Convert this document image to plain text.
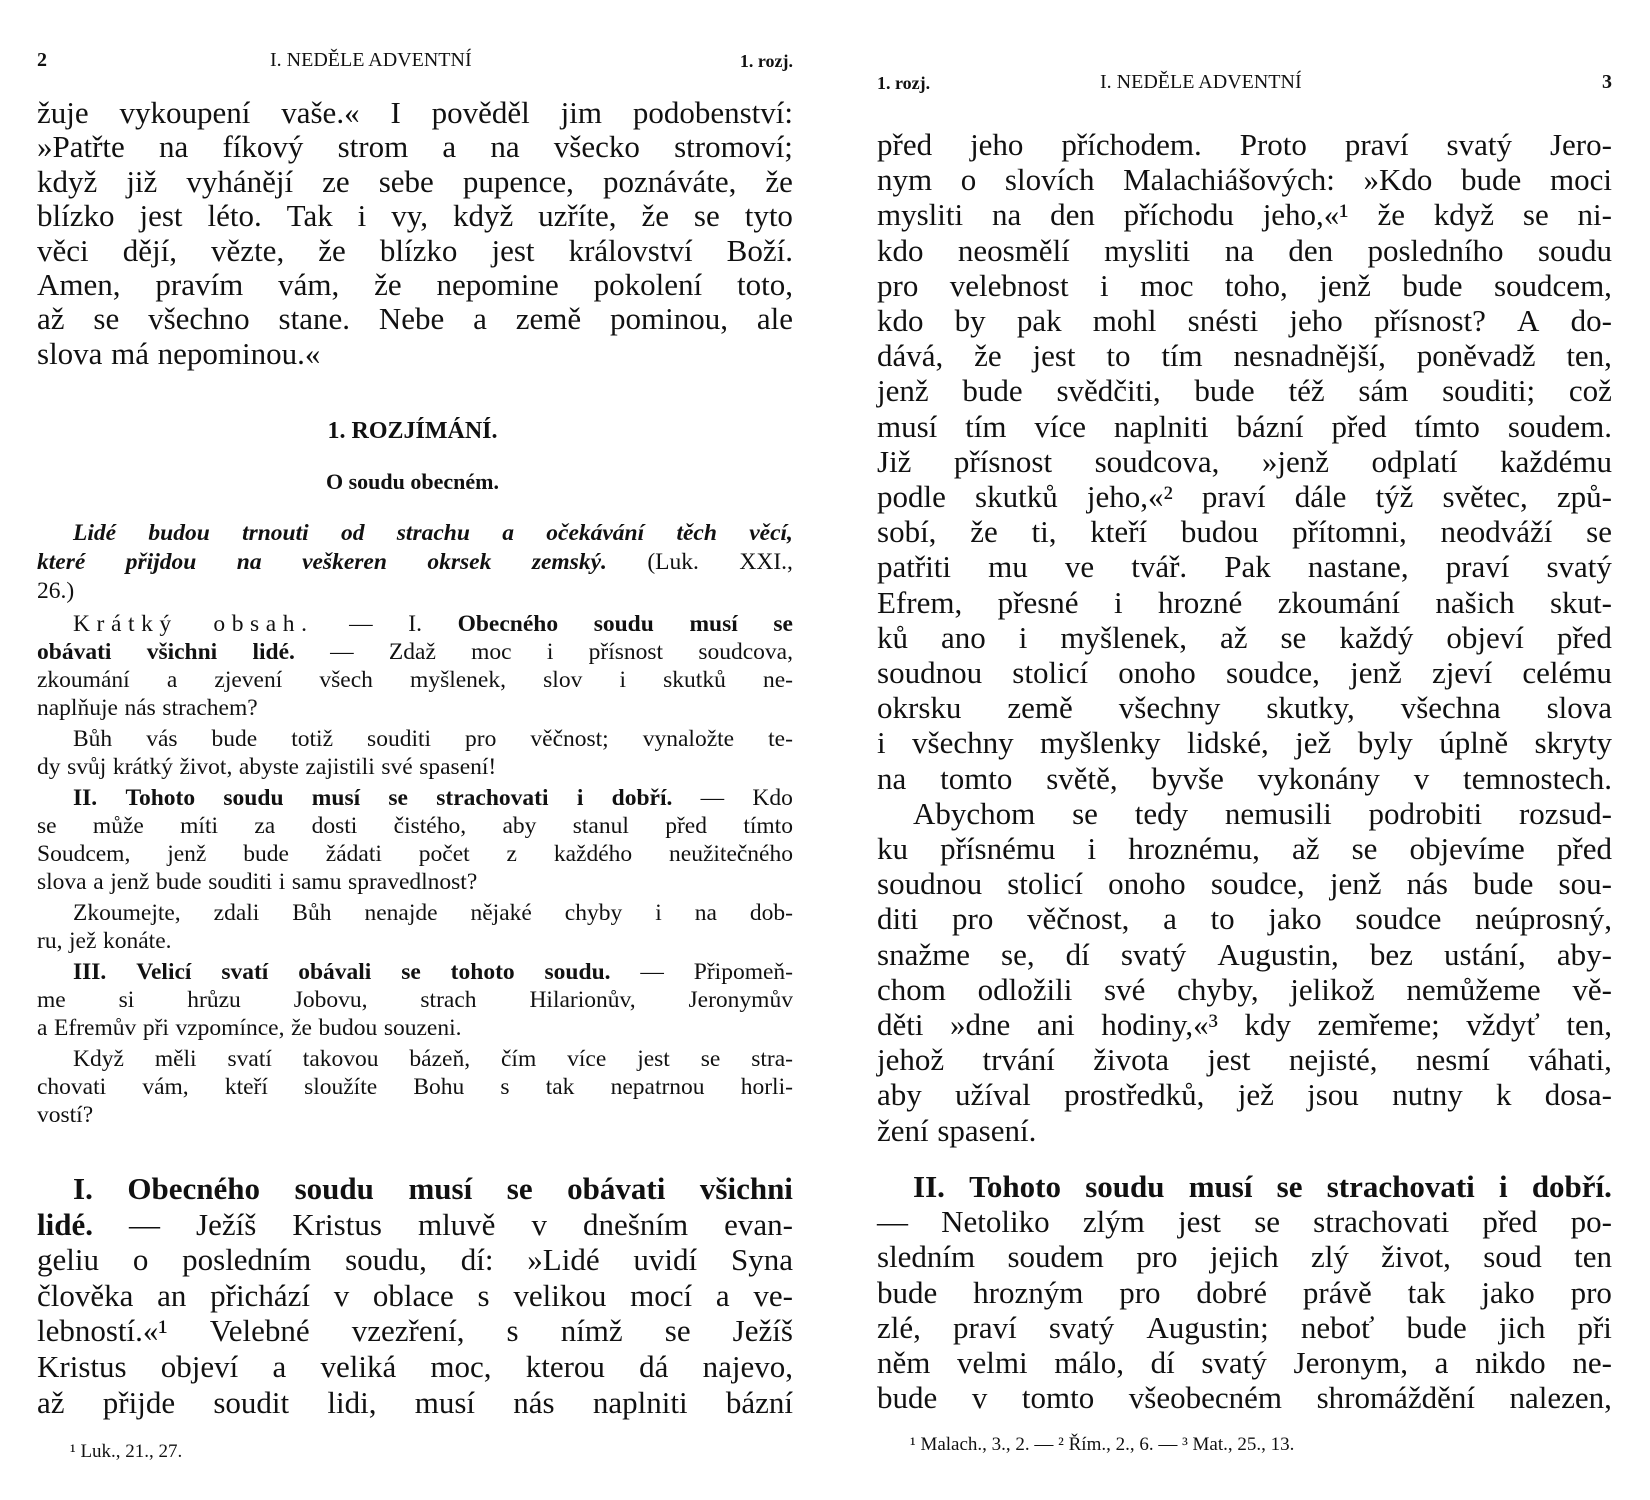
2	I. NEDĚLE ADVENTNÍ	1. rozj.
žuje vykoupení vaše.« I pověděl jim podobenství:
»Patřte na fíkový strom a na všecko stromoví;
když již vyhánějí ze sebe pupence, poznáváte, že
blízko jest léto. Tak i vy, když uzříte, že se tyto
věci dějí, vězte, že blízko jest království Boží.
Amen, pravím vám, že nepomine pokolení toto,
až se všechno stane. Nebe a země pominou, ale
slova má nepominou.«
1. ROZJÍMÁNÍ.
O soudu obecném.
Lidé budou trnouti od strachu a očekávání těch věcí,
které přijdou na veškeren okrsek zemský. (Luk. XXI.,
26.)
Krátký obsah. — I. Obecného soudu musí se
obávati všichni lidé. — Zdaž moc i přísnost soudcova,
zkoumání a zjevení všech myšlenek, slov i skutků ne-
naplňuje nás strachem?
Bůh vás bude totiž souditi pro věčnost; vynaložte te-
dy svůj krátký život, abyste zajistili své spasení!
II. Tohoto soudu musí se strachovati i dobří. — Kdo
se může míti za dosti čistého, aby stanul před tímto
Soudcem, jenž bude žádati počet z každého neužitečného
slova a jenž bude souditi i samu spravedlnost?
Zkoumejte, zdali Bůh nenajde nějaké chyby i na dob-
ru, jež konáte.
III. Velicí svatí obávali se tohoto soudu. — Připomeň-
me si hrůzu Jobovu, strach Hilarionův, Jeronymův
a Efremův při vzpomínce, že budou souzeni.
Když měli svatí takovou bázeň, čím více jest se stra-
chovati vám, kteří sloužíte Bohu s tak nepatrnou horli-
vostí?
I. Obecného soudu musí se obávati všichni
lidé. — Ježíš Kristus mluvě v dnešním evan-
geliu o posledním soudu, dí: »Lidé uvidí Syna
člověka an přichází v oblace s velikou mocí a ve-
lebností.«¹ Velebné vzezření, s nímž se Ježíš
Kristus objeví a veliká moc, kterou dá najevo,
až přijde soudit lidi, musí nás naplniti bázní
¹ Luk., 21., 27.
1. rozj.	I. NEDĚLE ADVENTNÍ	3
před jeho příchodem. Proto praví svatý Jero-
nym o slovích Malachiášových: »Kdo bude moci
mysliti na den příchodu jeho,«¹ že když se ni-
kdo neosmělí mysliti na den posledního soudu
pro velebnost i moc toho, jenž bude soudcem,
kdo by pak mohl snésti jeho přísnost? A do-
dává, že jest to tím nesnadnější, poněvadž ten,
jenž bude svědčiti, bude též sám souditi; což
musí tím více naplniti bázní před tímto soudem.
Již přísnost soudcova, »jenž odplatí každému
podle skutků jeho,«² praví dále týž světec, způ-
sobí, že ti, kteří budou přítomni, neodváží se
patřiti mu ve tvář. Pak nastane, praví svatý
Efrem, přesné i hrozné zkoumání našich skut-
ků ano i myšlenek, až se každý objeví před
soudnou stolicí onoho soudce, jenž zjeví celému
okrsku země všechny skutky, všechna slova
i všechny myšlenky lidské, jež byly úplně skryty
na tomto světě, byvše vykonány v temnostech.
Abychom se tedy nemusili podrobiti rozsud-
ku přísnému i hroznému, až se objevíme před
soudnou stolicí onoho soudce, jenž nás bude sou-
diti pro věčnost, a to jako soudce neúprosný,
snažme se, dí svatý Augustin, bez ustání, aby-
chom odložili své chyby, jelikož nemůžeme vě-
děti »dne ani hodiny,«³ kdy zemřeme; vždyť ten,
jehož trvání života jest nejisté, nesmí váhati,
aby užíval prostředků, jež jsou nutny k dosa-
žení spasení.
II. Tohoto soudu musí se strachovati i dobří.
— Netoliko zlým jest se strachovati před po-
sledním soudem pro jejich zlý život, soud ten
bude hrozným pro dobré právě tak jako pro
zlé, praví svatý Augustin; neboť bude jich při
něm velmi málo, dí svatý Jeronym, a nikdo ne-
bude v tomto všeobecném shromáždění nalezen,
¹ Malach., 3., 2. — ² Řím., 2., 6. — ³ Mat., 25., 13.
